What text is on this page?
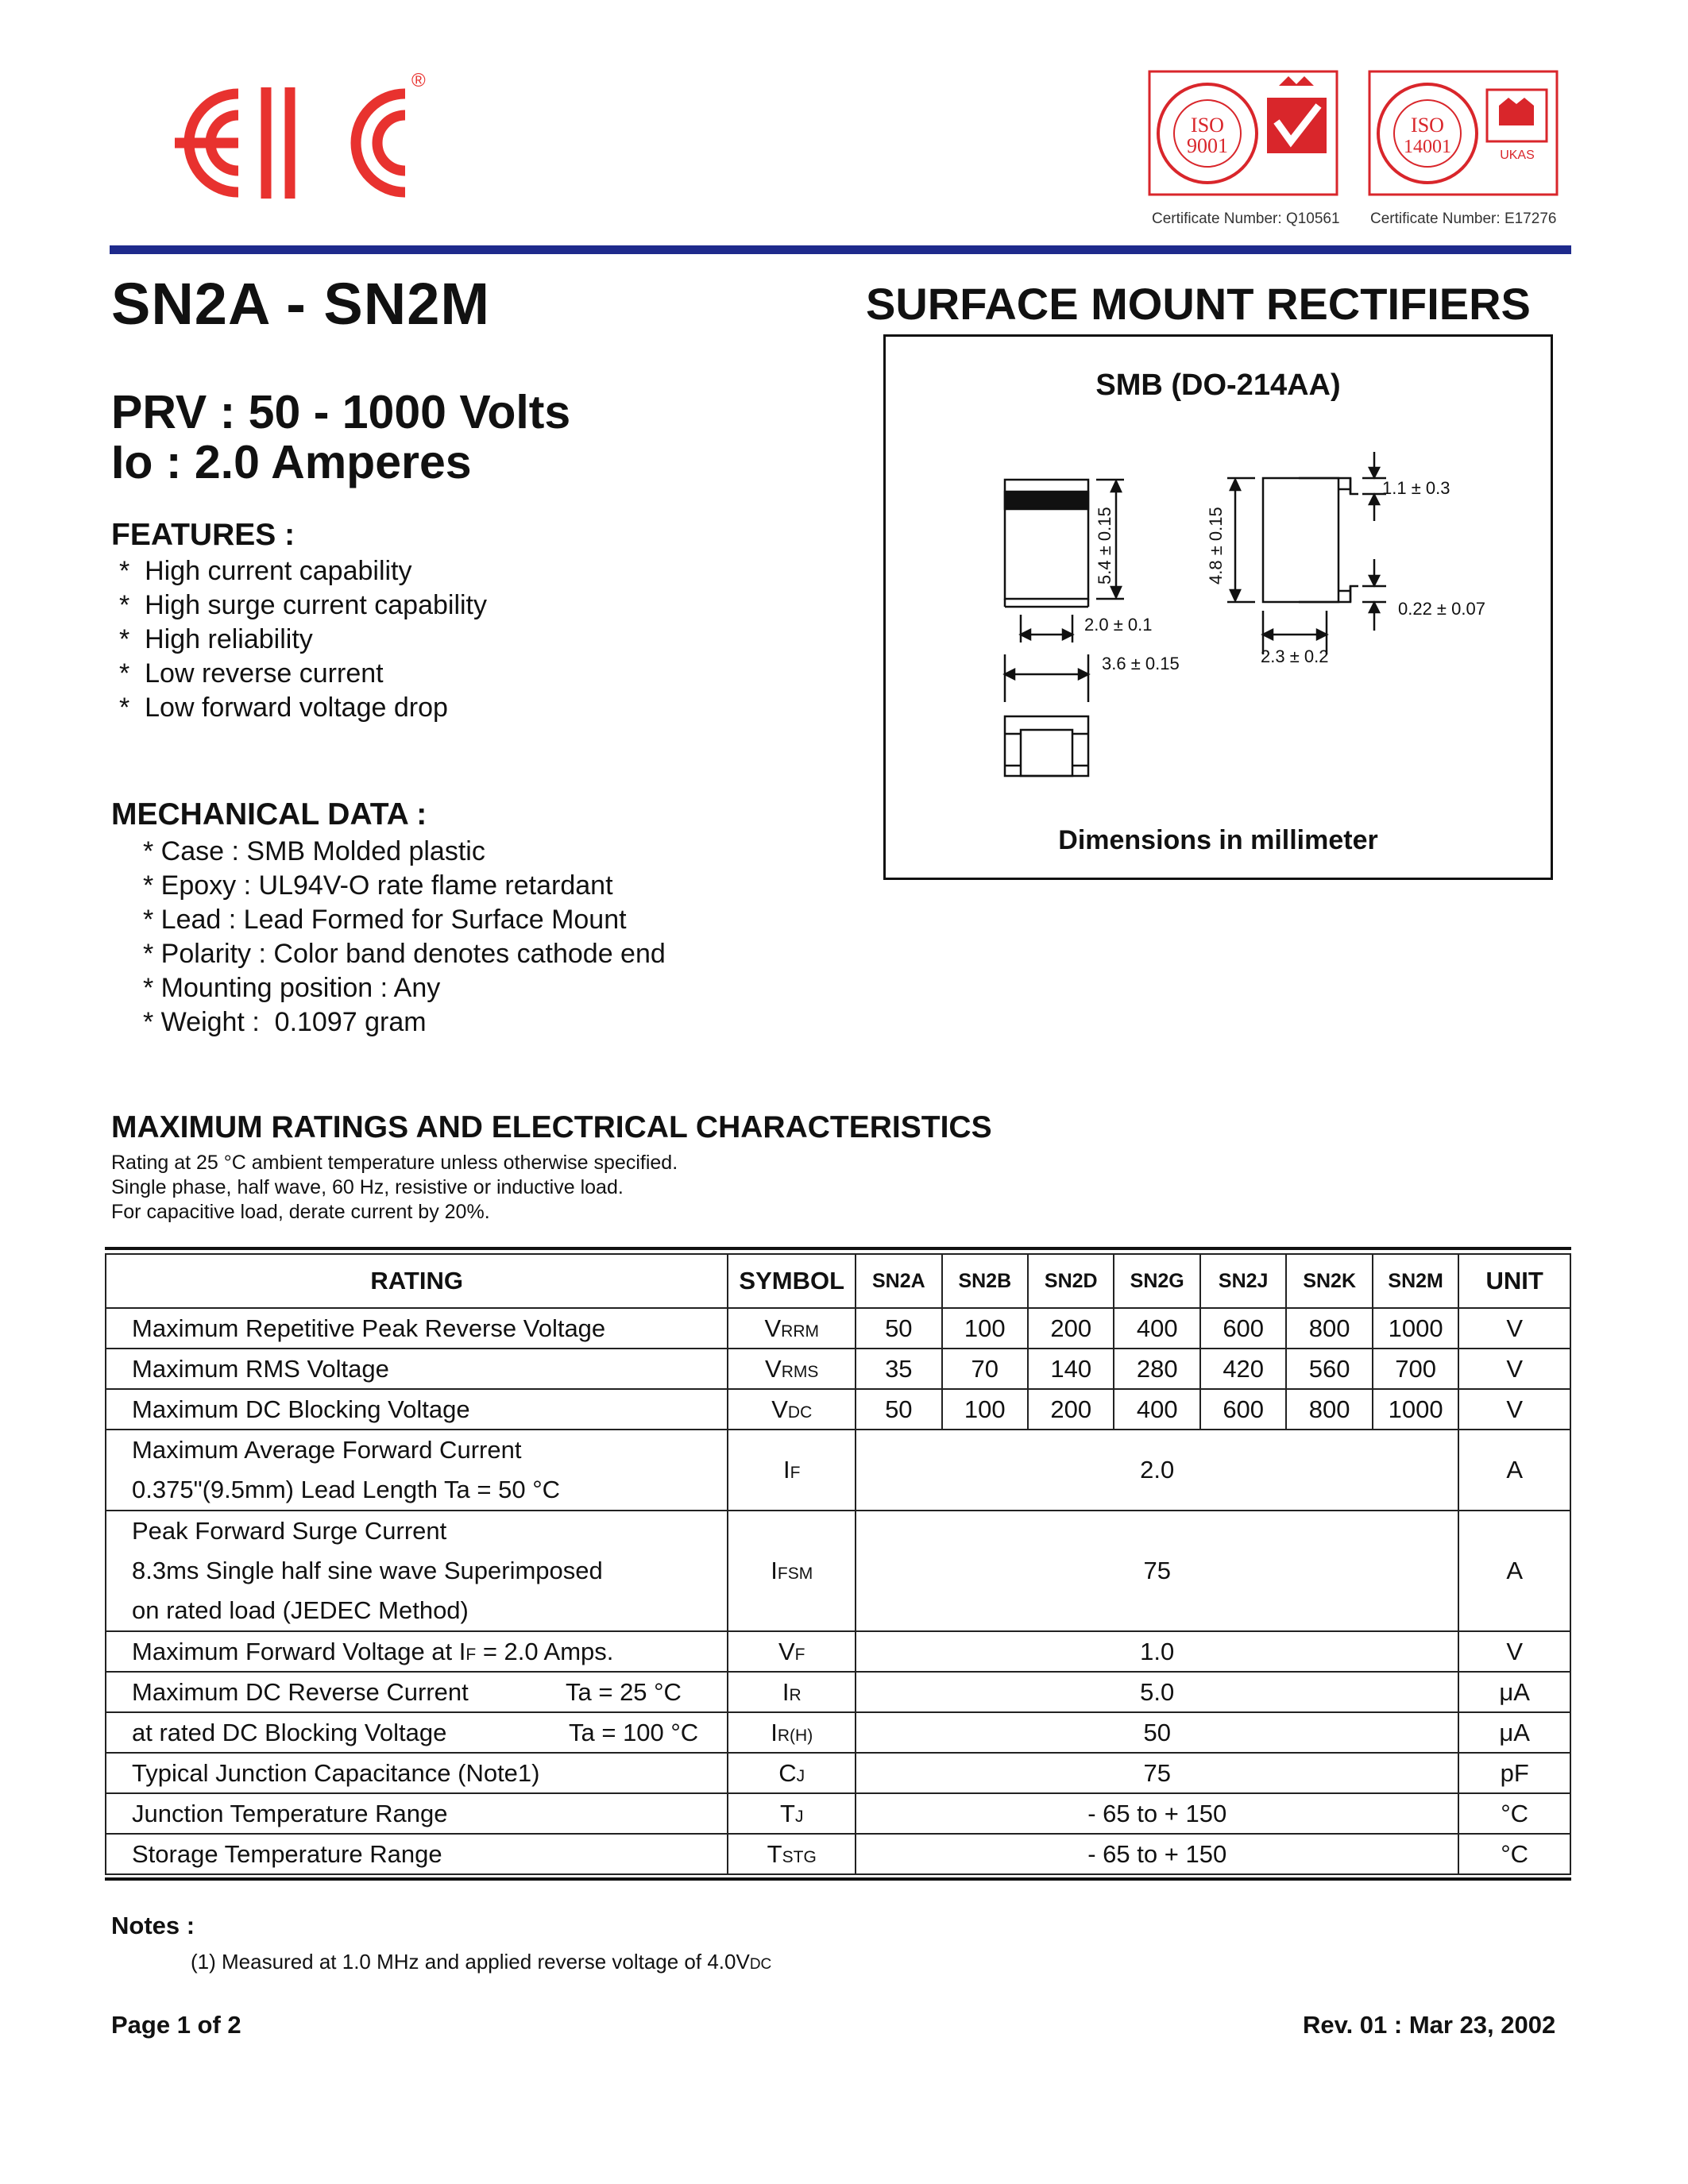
®
ISO
9001
Certificate Number: Q10561
ISO
14001	UKAS
Certificate Number: E17276
SN2A - SN2M	SURFACE MOUNT RECTIFIERS
PRV : 50 - 1000 Volts
Io : 2.0 Amperes
FEATURES :
*  High current capability
*  High surge current capability
*  High reliability
*  Low reverse current
*  Low forward voltage drop
MECHANICAL DATA :
* Case : SMB Molded plastic
* Epoxy : UL94V-O rate flame retardant
* Lead : Lead Formed for Surface Mount
* Polarity : Color band denotes cathode end
* Mounting position : Any
* Weight :  0.1097 gram
SMB (DO-214AA)
5.4 ± 0.15	4.8 ± 0.15
1.1 ± 0.3
0.22 ± 0.07
2.0 ± 0.1
3.6 ± 0.15	2.3 ± 0.2
Dimensions in millimeter
MAXIMUM RATINGS AND ELECTRICAL CHARACTERISTICS
Rating at 25 °C ambient temperature unless otherwise specified.
Single phase, half wave, 60 Hz, resistive or inductive load.
For capacitive load, derate current by 20%.
RATING	SYMBOL	SN2A	SN2B	SN2D	SN2G	SN2J	SN2K	SN2M	UNIT
Maximum Repetitive Peak Reverse Voltage	VRRM	50	100	200	400	600	800	1000	V
Maximum RMS Voltage	VRMS	35	70	140	280	420	560	700	V
Maximum DC Blocking Voltage	VDC	50	100	200	400	600	800	1000	V

Maximum Average Forward Current
0.375"(9.5mm) Lead Length Ta = 50 °C	IF	2.0							A

Peak Forward Surge Current
8.3ms Single half sine wave Superimposed
on rated load (JEDEC Method)	IFSM	75							A
Maximum Forward Voltage at IF = 2.0 Amps.	VF	1.0							V
Maximum DC Reverse Current Ta = 25 °C	IR	5.0							μA
at rated DC Blocking Voltage Ta = 100 °C	IR(H)	50							μA
Typical Junction Capacitance (Note1)	CJ	75							pF
Junction Temperature Range	TJ	- 65 to + 150							°C
Storage Temperature Range	TSTG	- 65 to + 150							°C
Notes :
(1) Measured at 1.0 MHz and applied reverse voltage of 4.0VDC
Page 1 of 2	Rev. 01 : Mar 23, 2002
